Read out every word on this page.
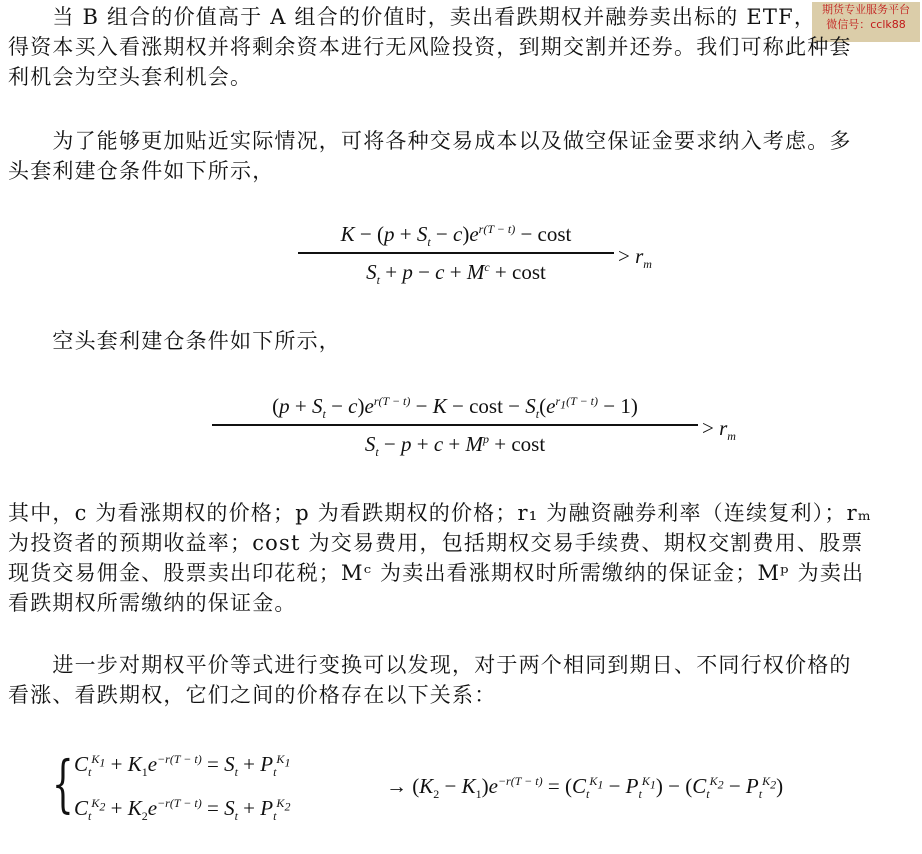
期货专业服务平台
微信号：cclk88
　　当 B 组合的价值高于 A 组合的价值时，卖出看跌期权并融券卖出标的 ETF，
得资本买入看涨期权并将剩余资本进行无风险投资，到期交割并还券。我们可称此种套
利机会为空头套利机会。
　　为了能够更加贴近实际情况，可将各种交易成本以及做空保证金要求纳入考虑。多
头套利建仓条件如下所示，
$K - (p + S_t - c)e^{r(T - t)} - \cos t$
$S_t + p - c + M^c + \cos t$
> $r_m$
　　空头套利建仓条件如下所示，
$(p + S_t - c)e^{r(T - t)} - K - \cos t - S_t(e^{r_1(T - t)} - 1)$
$S_t - p + c + M^p + \cos t$
> $r_m$
其中，c 为看涨期权的价格；p 为看跌期权的价格；r₁ 为融资融券利率（连续复利）；rₘ
为投资者的预期收益率；cost 为交易费用，包括期权交易手续费、期权交割费用、股票
现货交易佣金、股票卖出印花税；Mᶜ 为卖出看涨期权时所需缴纳的保证金；Mᵖ 为卖出
看跌期权所需缴纳的保证金。
　　进一步对期权平价等式进行变换可以发现，对于两个相同到期日、不同行权价格的
看涨、看跌期权，它们之间的价格存在以下关系：
{ $C_t^{K_1} + K_1e^{-r(T - t)} = S_t + P_t^{K_1}$
$C_t^{K_2} + K_2e^{-r(T - t)} = S_t + P_t^{K_2}$
→ $(K_2 - K_1)e^{-r(T - t)} = (C_t^{K_1} - P_t^{K_1}) - (C_t^{K_2} - P_t^{K_2})$
